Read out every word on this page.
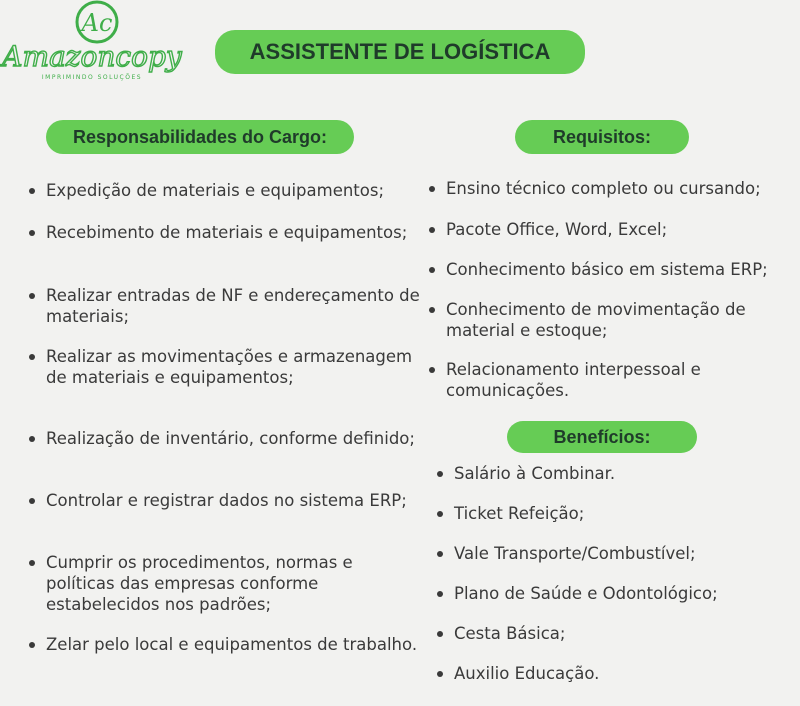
Ac
Amazoncopy
IMPRIMINDO SOLUÇÕES
ASSISTENTE DE LOGÍSTICA
Responsabilidades do Cargo:
Expedição de materiais e equipamentos;
Recebimento de materiais e equipamentos;
Realizar entradas de NF e endereçamento de materiais;
Realizar as movimentações e armazenagem de materiais e equipamentos;
Realização de inventário, conforme definido;
Controlar e registrar dados no sistema ERP;
Cumprir os procedimentos, normas e políticas das empresas conforme estabelecidos nos padrões;
Zelar pelo local e equipamentos de trabalho.
Requisitos:
Ensino técnico completo ou cursando;
Pacote Office, Word, Excel;
Conhecimento básico em sistema ERP;
Conhecimento de movimentação de material e estoque;
Relacionamento interpessoal e comunicações.
Benefícios:
Salário à Combinar.
Ticket Refeição;
Vale Transporte/Combustível;
Plano de Saúde e Odontológico;
Cesta Básica;
Auxilio Educação.
